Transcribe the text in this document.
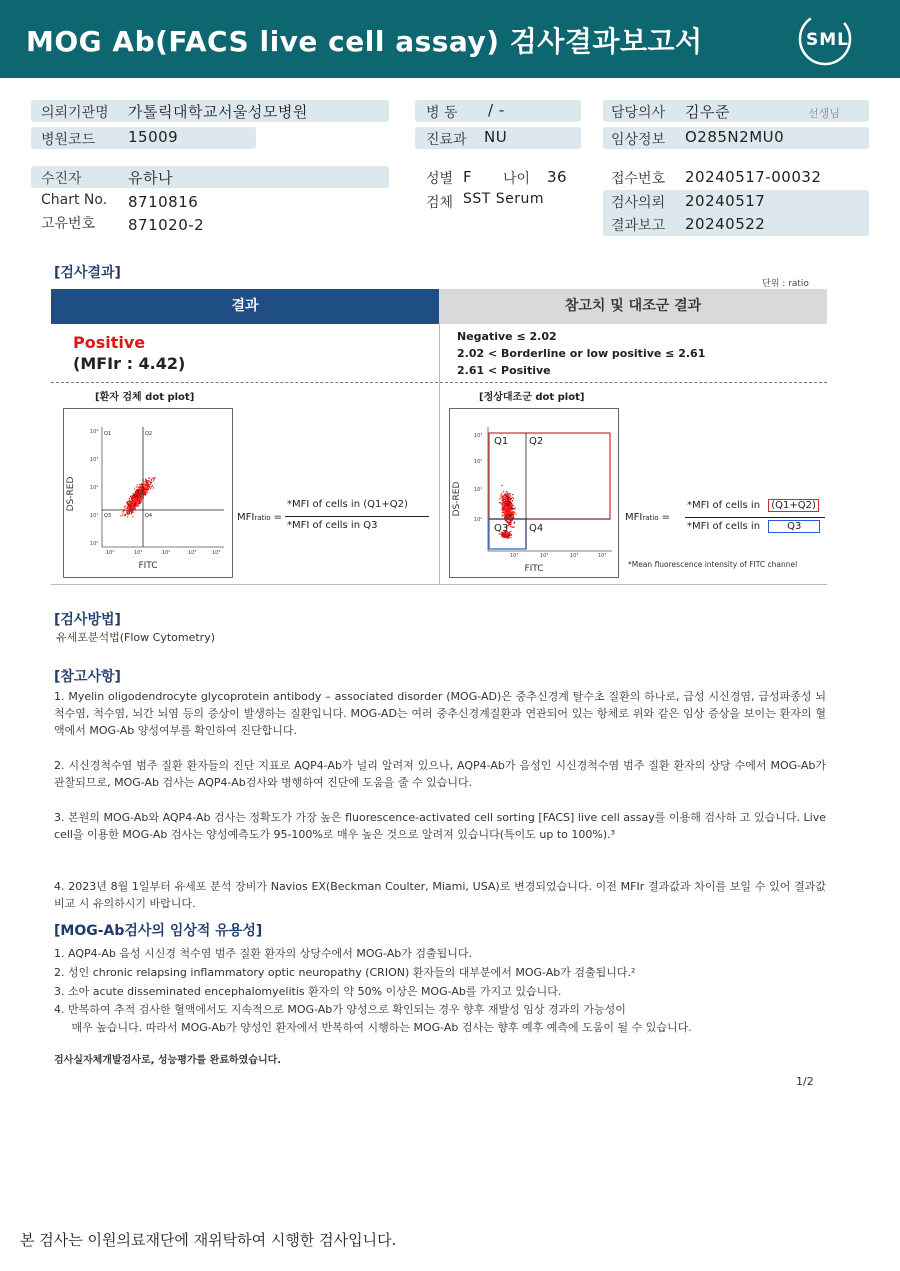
MOG Ab(FACS live cell assay) 검사결과보고서	SML
의뢰기관명 가톨릭대학교서울성모병원
병원코드 15009
병 동 / -
진료과 NU
담당의사 김우준	선생님
임상정보 O285N2MU0
수진자	유하나
Chart No. 8710816
고유번호 871020-2
성별 F 나이 36
검체 SST Serum
접수번호 20240517-00032
검사의뢰 20240517
결과보고 20240522
[검사결과]
단위 : ratio
결과	참고치 및 대조군 결과
Positive
(MFIr : 4.42)
Negative ≤ 2.02
2.02 < Borderline or low positive ≤ 2.61
2.61 < Positive
[환자 검체 dot plot]
10⁴
10³
10²
10¹
10⁰
10⁰	10¹	10²	10³	10⁴
Q1	Q2
Q3	Q4
DS-RED
FITC
MFIratio =
*MFI of cells in (Q1+Q2)
*MFI of cells in Q3
[정상대조군 dot plot]
10³
10²
10¹
10⁰
10¹	10²	10³	10⁴
Q1 Q2
Q3 Q4
DS-RED
FITC
MFIratio =
*MFI of cells in (Q1+Q2)
*MFI of cells in	Q3
*Mean fluorescence intensity of FITC channel
[검사방법]
유세포분석법(Flow Cytometry)
[참고사항]
1. Myelin oligodendrocyte glycoprotein antibody – associated disorder (MOG-AD)은 중추신경계 탈수초 질환의 하나로, 급성 시신경염, 급성파종성 뇌척수염, 척수염, 뇌간 뇌염 등의 증상이 발생하는 질환입니다. MOG-AD는 여러 중추신경계질환과 연관되어 있는 항체로 위와 같은 임상 증상을 보이는 환자의 혈액에서 MOG-Ab 양성여부를 확인하여 진단합니다.
2. 시신경척수염 범주 질환 환자들의 진단 지표로 AQP4-Ab가 널리 알려져 있으나, AQP4-Ab가 음성인 시신경척수염 범주 질환 환자의 상당 수에서 MOG-Ab가 관찰되므로, MOG-Ab 검사는 AQP4-Ab검사와 병행하여 진단에 도움을 줄 수 있습니다.
3. 본원의 MOG-Ab와 AQP4-Ab 검사는 정확도가 가장 높은 fluorescence-activated cell sorting [FACS] live cell assay를 이용해 검사하 고 있습니다. Live cell을 이용한 MOG-Ab 검사는 양성예측도가 95-100%로 매우 높은 것으로 알려져 있습니다(특이도 up to 100%).³
4. 2023년 8월 1일부터 유세포 분석 장비가 Navios EX(Beckman Coulter, Miami, USA)로 변경되었습니다. 이전 MFIr 결과값과 차이를 보일 수 있어 결과값 비교 시 유의하시기 바랍니다.
[MOG-Ab검사의 임상적 유용성]
1. AQP4-Ab 음성 시신경 척수염 범주 질환 환자의 상당수에서 MOG-Ab가 검출됩니다.
2. 성인 chronic relapsing inflammatory optic neuropathy (CRION) 환자들의 대부분에서 MOG-Ab가 검출됩니다.²
3. 소아 acute disseminated encephalomyelitis 환자의 약 50% 이상은 MOG-Ab를 가지고 있습니다.
4. 반복하여 추적 검사한 혈액에서도 지속적으로 MOG-Ab가 양성으로 확인되는 경우 향후 재발성 임상 경과의 가능성이
매우 높습니다. 따라서 MOG-Ab가 양성인 환자에서 반복하여 시행하는 MOG-Ab 검사는 향후 예후 예측에 도움이 될 수 있습니다.
검사실자체개발검사로, 성능평가를 완료하였습니다.
1/2
본 검사는 이원의료재단에 재위탁하여 시행한 검사입니다.
